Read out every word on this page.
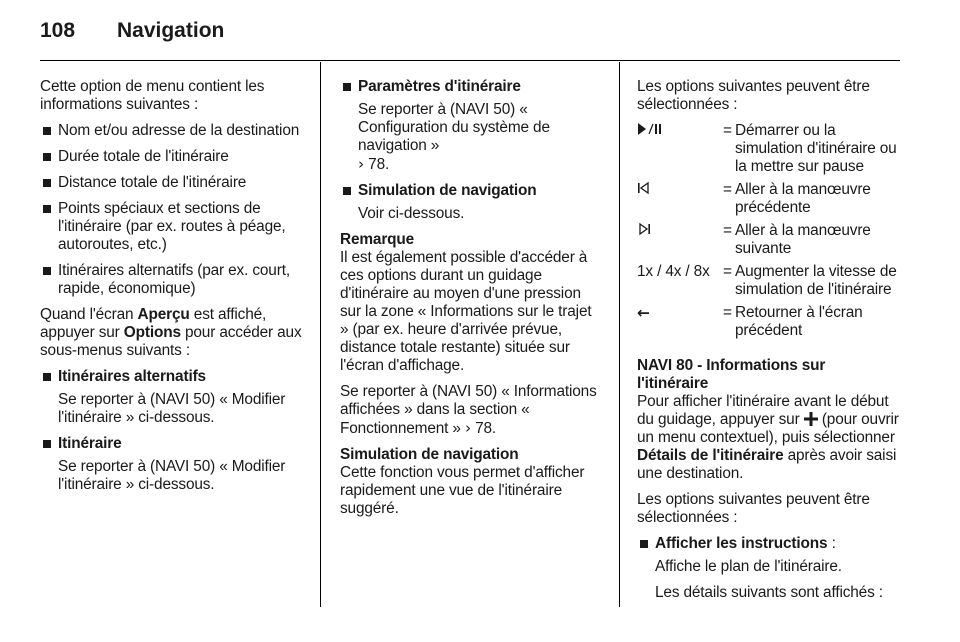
108 Navigation

Cette option de menu contient les informations suivantes :

Nom et/ou adresse de la destination
Durée totale de l'itinéraire
Distance totale de l'itinéraire
Points spéciaux et sections de l'itinéraire (par ex. routes à péage, autoroutes, etc.)
Itinéraires alternatifs (par ex. court, rapide, économique)

Quand l'écran Aperçu est affiché, appuyer sur Options pour accéder aux sous-menus suivants :

Itinéraires alternatifs

Se reporter à (NAVI 50) « Modifier l'itinéraire » ci-dessous.

Itinéraire

Se reporter à (NAVI 50) « Modifier l'itinéraire » ci-dessous.

Paramètres d'itinéraire

Se reporter à (NAVI 50) « Configuration du système de navigation »
› 78.

Simulation de navigation

Voir ci-dessous.

Remarque

Il est également possible d'accéder à ces options durant un guidage d'itinéraire au moyen d'une pression sur la zone « Informations sur le trajet » (par ex. heure d'arrivée prévue, distance totale restante) située sur l'écran d'affichage.

Se reporter à (NAVI 50) « Informations affichées » dans la section « Fonctionnement » › 78.

Simulation de navigation

Cette fonction vous permet d'afficher rapidement une vue de l'itinéraire suggéré.

Les options suivantes peuvent être sélectionnées :

	=	Démarrer ou la simulation d'itinéraire ou la mettre sur pause

	=	Aller à la manœuvre précédente

	=	Aller à la manœuvre suivante
1x / 4x / 8x	=	Augmenter la vitesse de simulation de l'itinéraire
←	=	Retourner à l'écran précédent
NAVI 80 - Informations sur l'itinéraire

Pour afficher l'itinéraire avant le début du guidage, appuyer sur
(pour ouvrir un menu contextuel), puis sélectionner Détails de l'itinéraire après avoir saisi une destination.

Les options suivantes peuvent être sélectionnées :

Afficher les instructions :

Affiche le plan de l'itinéraire.

Les détails suivants sont affichés :
